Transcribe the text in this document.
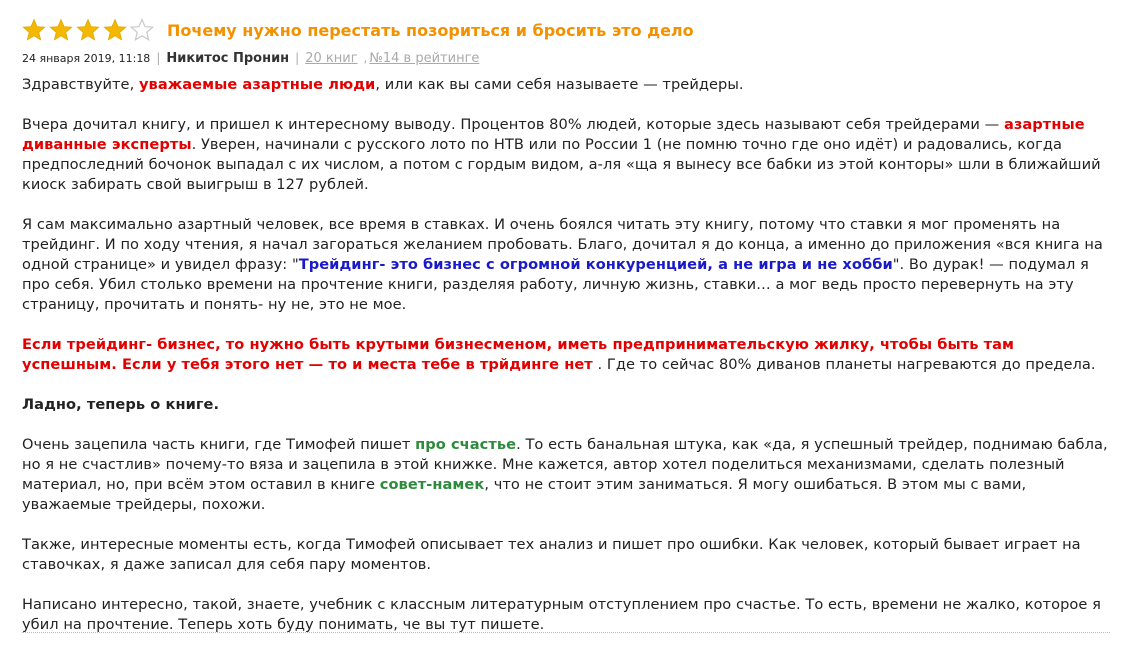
Почему нужно перестать позориться и бросить это дело
24 января 2019, 11:18 | Никитос Пронин | 20 книг , №14 в рейтинге

Здравствуйте, уважаемые азартные люди, или как вы сами себя называете — трейдеры.

Вчера дочитал книгу, и пришел к интересному выводу. Процентов 80% людей, которые здесь называют себя трейдерами — азартные диванные эксперты. Уверен, начинали с русского лото по НТВ или по России 1 (не помню точно где оно идёт) и радовались, когда предпоследний бочонок выпадал с их числом, а потом с гордым видом, а-ля «ща я вынесу все бабки из этой конторы» шли в ближайший киоск забирать свой выигрыш в 127 рублей.

Я сам максимально азартный человек, все время в ставках. И очень боялся читать эту книгу, потому что ставки я мог променять на трейдинг. И по ходу чтения, я начал загораться желанием пробовать. Благо, дочитал я до конца, а именно до приложения «вся книга на одной странице» и увидел фразу: "Трейдинг- это бизнес с огромной конкуренцией, а не игра и не хобби". Во дурак! — подумал я про себя. Убил столько времени на прочтение книги, разделяя работу, личную жизнь, ставки… а мог ведь просто перевернуть на эту страницу, прочитать и понять- ну не, это не мое.

Если трейдинг- бизнес, то нужно быть крутыми бизнесменом, иметь предпринимательскую жилку, чтобы быть там успешным. Если у тебя этого нет — то и места тебе в трйдинге нет . Где то сейчас 80% диванов планеты нагреваются до предела.

Ладно, теперь о книге.

Очень зацепила часть книги, где Тимофей пишет про счастье. То есть банальная штука, как «да, я успешный трейдер, поднимаю бабла, но я не счастлив» почему-то вяза и зацепила в этой книжке. Мне кажется, автор хотел поделиться механизмами, сделать полезный материал, но, при всём этом оставил в книге совет-намек, что не стоит этим заниматься. Я могу ошибаться. В этом мы с вами, уважаемые трейдеры, похожи.

Также, интересные моменты есть, когда Тимофей описывает тех анализ и пишет про ошибки. Как человек, который бывает играет на ставочках, я даже записал для себя пару моментов.

Написано интересно, такой, знаете, учебник с классным литературным отступлением про счастье. То есть, времени не жалко, которое я убил на прочтение. Теперь хоть буду понимать, че вы тут пишете.
